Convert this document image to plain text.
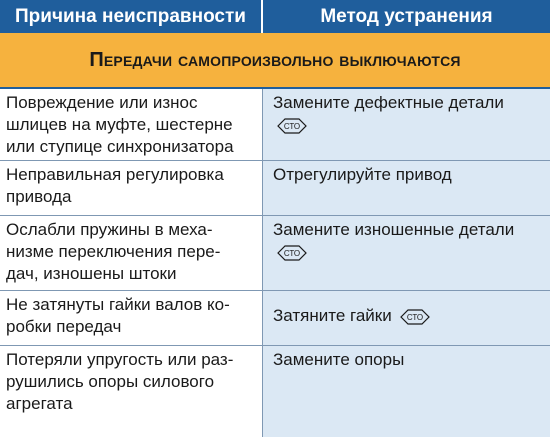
Причина неисправности	Метод устранения
Передачи самопроизвольно выключаются
Повреждение или износ
шлицев на муфте, шестерне
или ступице синхронизатора
Замените дефектные детали
СТО
Неправильная регулировка
привода
Отрегулируйте привод
Ослабли пружины в меха-
низме переключения пере-
дач, изношены штоки
Замените изношенные детали
СТО
Не затянуты гайки валов ко-
робки передач
Затяните гайки СТО
Потеряли упругость или раз-
рушились опоры силового
агрегата
Замените опоры
